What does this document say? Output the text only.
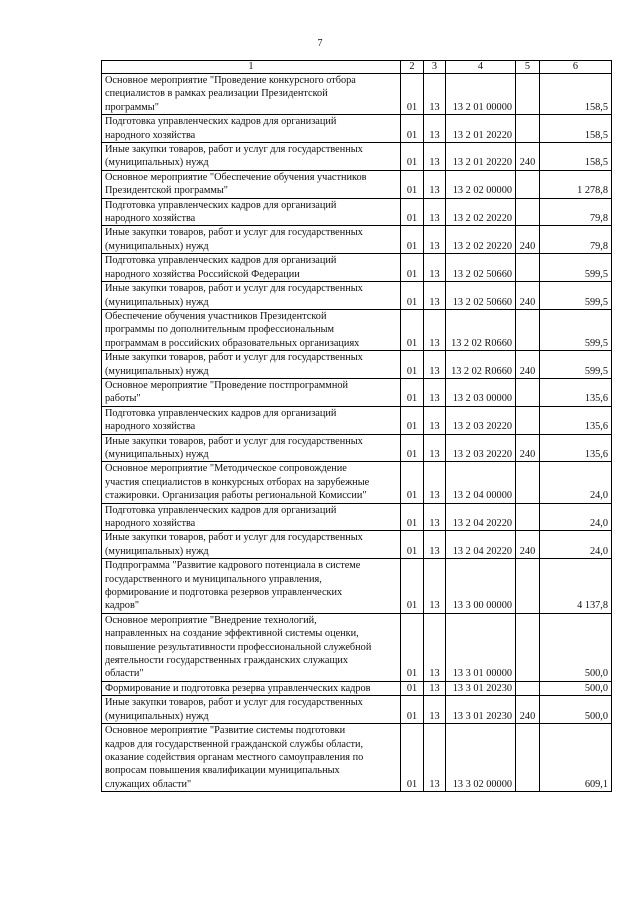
7
1	2	3	4	5	6
Основное мероприятие "Проведение конкурсного отбора
специалистов в рамках реализации Президентской
программы"	01	13	13 2 01 00000		158,5
Подготовка управленческих кадров для организаций
народного хозяйства	01	13	13 2 01 20220		158,5
Иные закупки товаров, работ и услуг для государственных
(муниципальных) нужд	01	13	13 2 01 20220	240	158,5
Основное мероприятие "Обеспечение обучения участников
Президентской программы"	01	13	13 2 02 00000		1 278,8
Подготовка управленческих кадров для организаций
народного хозяйства	01	13	13 2 02 20220		79,8
Иные закупки товаров, работ и услуг для государственных
(муниципальных) нужд	01	13	13 2 02 20220	240	79,8
Подготовка управленческих кадров для организаций
народного хозяйства Российской Федерации	01	13	13 2 02 50660		599,5
Иные закупки товаров, работ и услуг для государственных
(муниципальных) нужд	01	13	13 2 02 50660	240	599,5
Обеспечение обучения участников Президентской
программы по дополнительным профессиональным
программам в российских образовательных организациях	01	13	13 2 02 R0660		599,5
Иные закупки товаров, работ и услуг для государственных
(муниципальных) нужд	01	13	13 2 02 R0660	240	599,5
Основное мероприятие "Проведение постпрограммной
работы"	01	13	13 2 03 00000		135,6
Подготовка управленческих кадров для организаций
народного хозяйства	01	13	13 2 03 20220		135,6
Иные закупки товаров, работ и услуг для государственных
(муниципальных) нужд	01	13	13 2 03 20220	240	135,6
Основное мероприятие "Методическое сопровождение
участия специалистов в конкурсных отборах на зарубежные
стажировки. Организация работы региональной Комиссии"	01	13	13 2 04 00000		24,0
Подготовка управленческих кадров для организаций
народного хозяйства	01	13	13 2 04 20220		24,0
Иные закупки товаров, работ и услуг для государственных
(муниципальных) нужд	01	13	13 2 04 20220	240	24,0
Подпрограмма "Развитие кадрового потенциала в системе
государственного и муниципального управления,
формирование и подготовка резервов управленческих
кадров"	01	13	13 3 00 00000		4 137,8
Основное мероприятие "Внедрение технологий,
направленных на создание эффективной системы оценки,
повышение результативности профессиональной служебной
деятельности государственных гражданских служащих
области"	01	13	13 3 01 00000		500,0
Формирование и подготовка резерва управленческих кадров	01	13	13 3 01 20230		500,0
Иные закупки товаров, работ и услуг для государственных
(муниципальных) нужд	01	13	13 3 01 20230	240	500,0
Основное мероприятие "Развитие системы подготовки
кадров для государственной гражданской службы области,
оказание содействия органам местного самоуправления по
вопросам повышения квалификации муниципальных
служащих области"	01	13	13 3 02 00000		609,1
